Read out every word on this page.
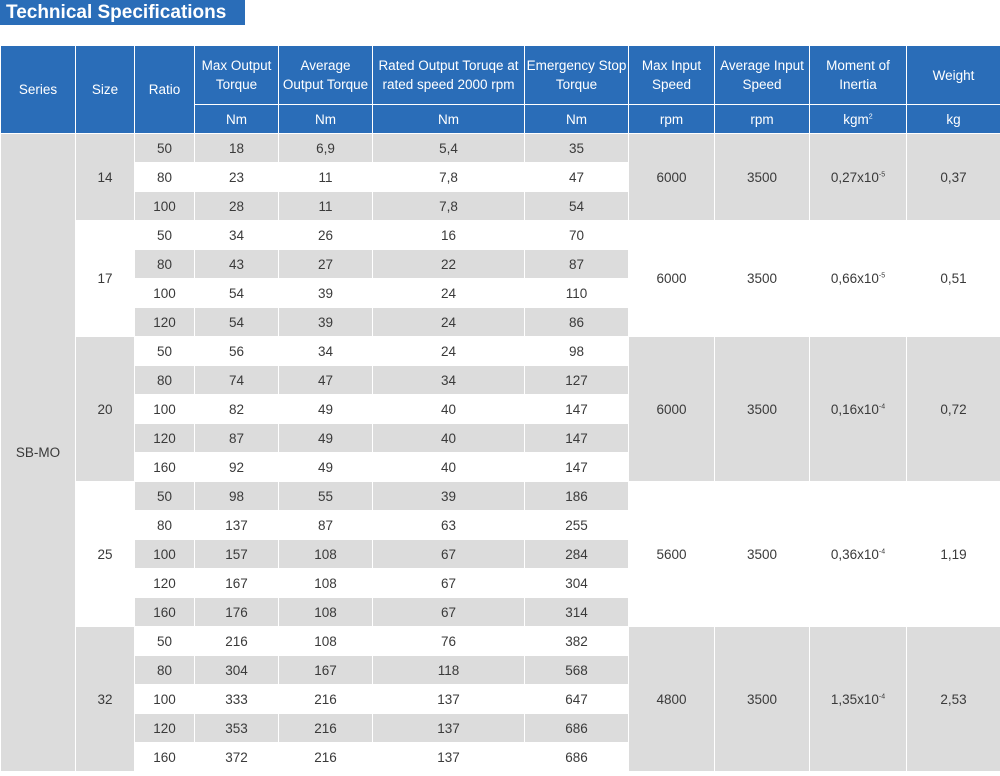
Technical Specifications
Series	Size	Ratio	Max Output Torque	Average Output Torque	Rated Output Toruqe at rated speed 2000 rpm	Emergency Stop Torque	Max Input Speed	Average Input Speed	Moment of Inertia	Weight
			Nm	Nm	Nm	Nm	rpm	rpm	kgm$^2$	kg
SB-MO	14	50	18	6,9	5,4	35	6000	3500	$0,27x10^{-5}$	0,37
		80	23	11	7,8	47				
		100	28	11	7,8	54				
	17	50	34	26	16	70	6000	3500	$0,66x10^{-5}$	0,51
		80	43	27	22	87				
		100	54	39	24	110				
		120	54	39	24	86				
	20	50	56	34	24	98	6000	3500	$0,16x10^{-4}$	0,72
		80	74	47	34	127				
		100	82	49	40	147				
		120	87	49	40	147				
		160	92	49	40	147				
	25	50	98	55	39	186	5600	3500	$0,36x10^{-4}$	1,19
		80	137	87	63	255				
		100	157	108	67	284				
		120	167	108	67	304				
		160	176	108	67	314				
	32	50	216	108	76	382	4800	3500	$1,35x10^{-4}$	2,53
		80	304	167	118	568				
		100	333	216	137	647				
		120	353	216	137	686				
		160	372	216	137	686				
